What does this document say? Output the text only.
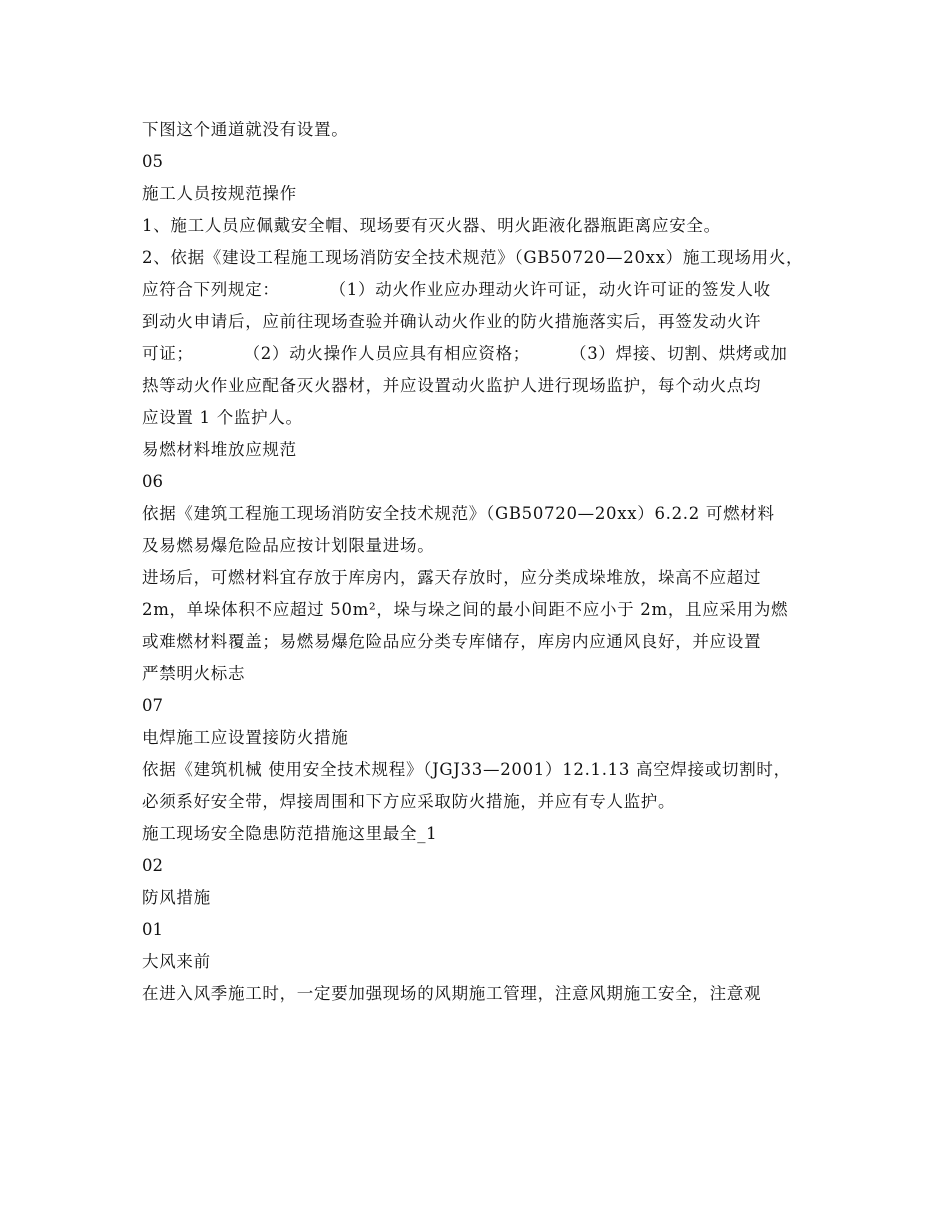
下图这个通道就没有设置。
05
施工人员按规范操作
1、施工人员应佩戴安全帽、现场要有灭火器、明火距液化器瓶距离应安全。
2、依据《建设工程施工现场消防安全技术规范》（GB50720—20xx）施工现场用火，
应符合下列规定：	（1）动火作业应办理动火许可证，动火许可证的签发人收
到动火申请后，应前往现场查验并确认动火作业的防火措施落实后，再签发动火许
可证；	（2）动火操作人员应具有相应资格； （3）焊接、切割、烘烤或加
热等动火作业应配备灭火器材，并应设置动火监护人进行现场监护，每个动火点均
应设置 1 个监护人。
易燃材料堆放应规范
06
依据《建筑工程施工现场消防安全技术规范》（GB50720—20xx）6.2.2 可燃材料
及易燃易爆危险品应按计划限量进场。
进场后，可燃材料宜存放于库房内，露天存放时，应分类成垛堆放，垛高不应超过
2m，单垛体积不应超过 50m²，垛与垛之间的最小间距不应小于 2m，且应采用为燃
或难燃材料覆盖；易燃易爆危险品应分类专库储存，库房内应通风良好，并应设置
严禁明火标志
07
电焊施工应设置接防火措施
依据《建筑机械 使用安全技术规程》（JGJ33—2001）12.1.13 高空焊接或切割时，
必须系好安全带，焊接周围和下方应采取防火措施，并应有专人监护。
施工现场安全隐患防范措施这里最全_1
02
防风措施
01
大风来前
在进入风季施工时，一定要加强现场的风期施工管理，注意风期施工安全，注意观
